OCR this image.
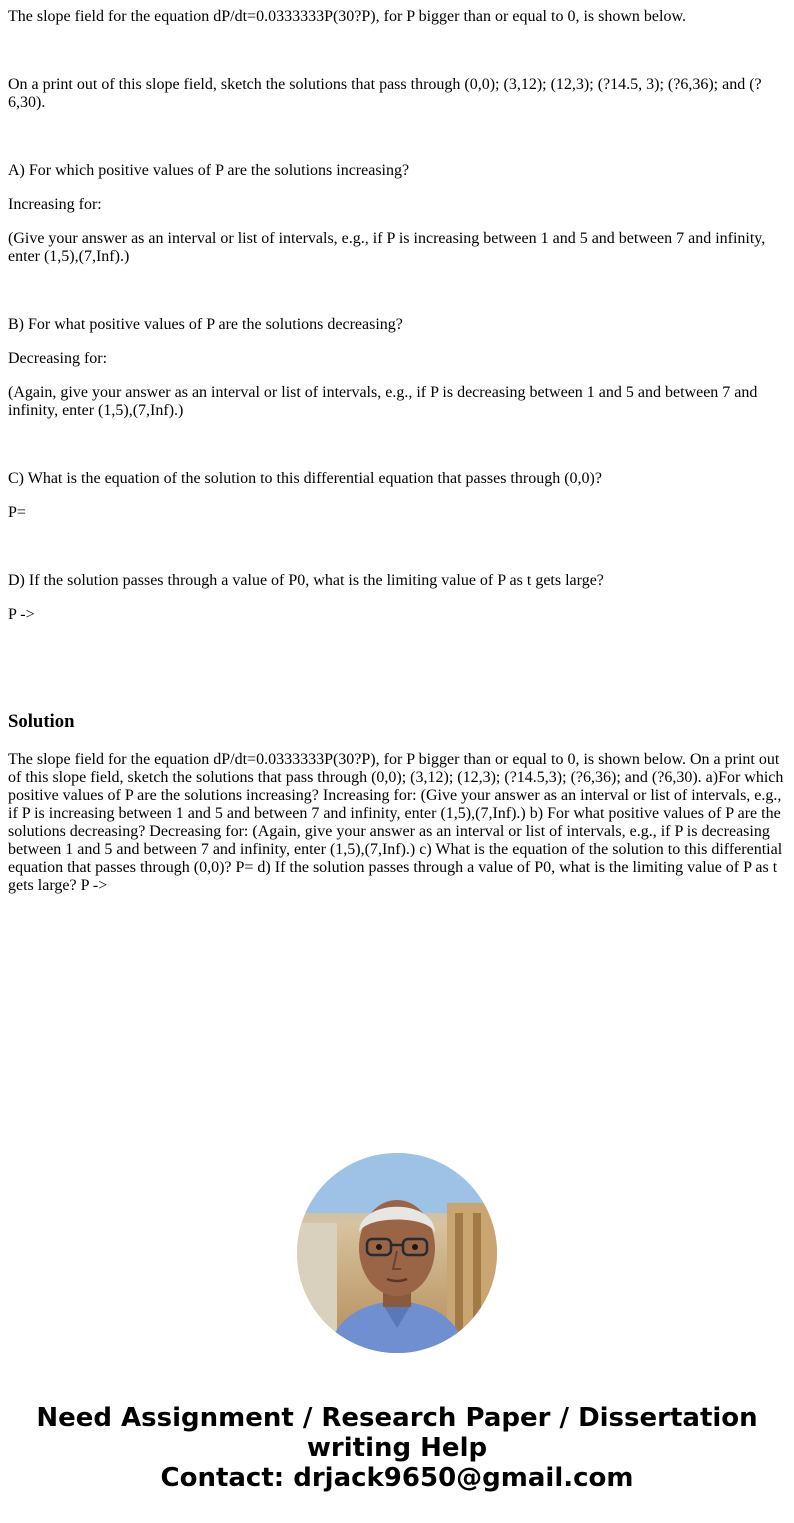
The slope field for the equation dP/dt=0.0333333P(30?P), for P bigger than or equal to 0, is shown below.

On a print out of this slope field, sketch the solutions that pass through (0,0); (3,12); (12,3); (?14.5, 3); (?6,36); and (?6,30).

A) For which positive values of P are the solutions increasing?

Increasing for:

(Give your answer as an interval or list of intervals, e.g., if P is increasing between 1 and 5 and between 7 and infinity, enter (1,5),(7,Inf).)

B) For what positive values of P are the solutions decreasing?

Decreasing for:

(Again, give your answer as an interval or list of intervals, e.g., if P is decreasing between 1 and 5 and between 7 and infinity, enter (1,5),(7,Inf).)

C) What is the equation of the solution to this differential equation that passes through (0,0)?

P=

D) If the solution passes through a value of P0, what is the limiting value of P as t gets large?

P ->

Solution

The slope field for the equation dP/dt=0.0333333P(30?P), for P bigger than or equal to 0, is shown below. On a print out of this slope field, sketch the solutions that pass through (0,0); (3,12); (12,3); (?14.5,3); (?6,36); and (?6,30). a)For which positive values of P are the solutions increasing? Increasing for: (Give your answer as an interval or list of intervals, e.g., if P is increasing between 1 and 5 and between 7 and infinity, enter (1,5),(7,Inf).) b) For what positive values of P are the solutions decreasing? Decreasing for: (Again, give your answer as an interval or list of intervals, e.g., if P is decreasing between 1 and 5 and between 7 and infinity, enter (1,5),(7,Inf).) c) What is the equation of the solution to this differential equation that passes through (0,0)? P= d) If the solution passes through a value of P0, what is the limiting value of P as t gets large? P ->

Need Assignment / Research Paper / Dissertation
writing Help
Contact: drjack9650@gmail.com
